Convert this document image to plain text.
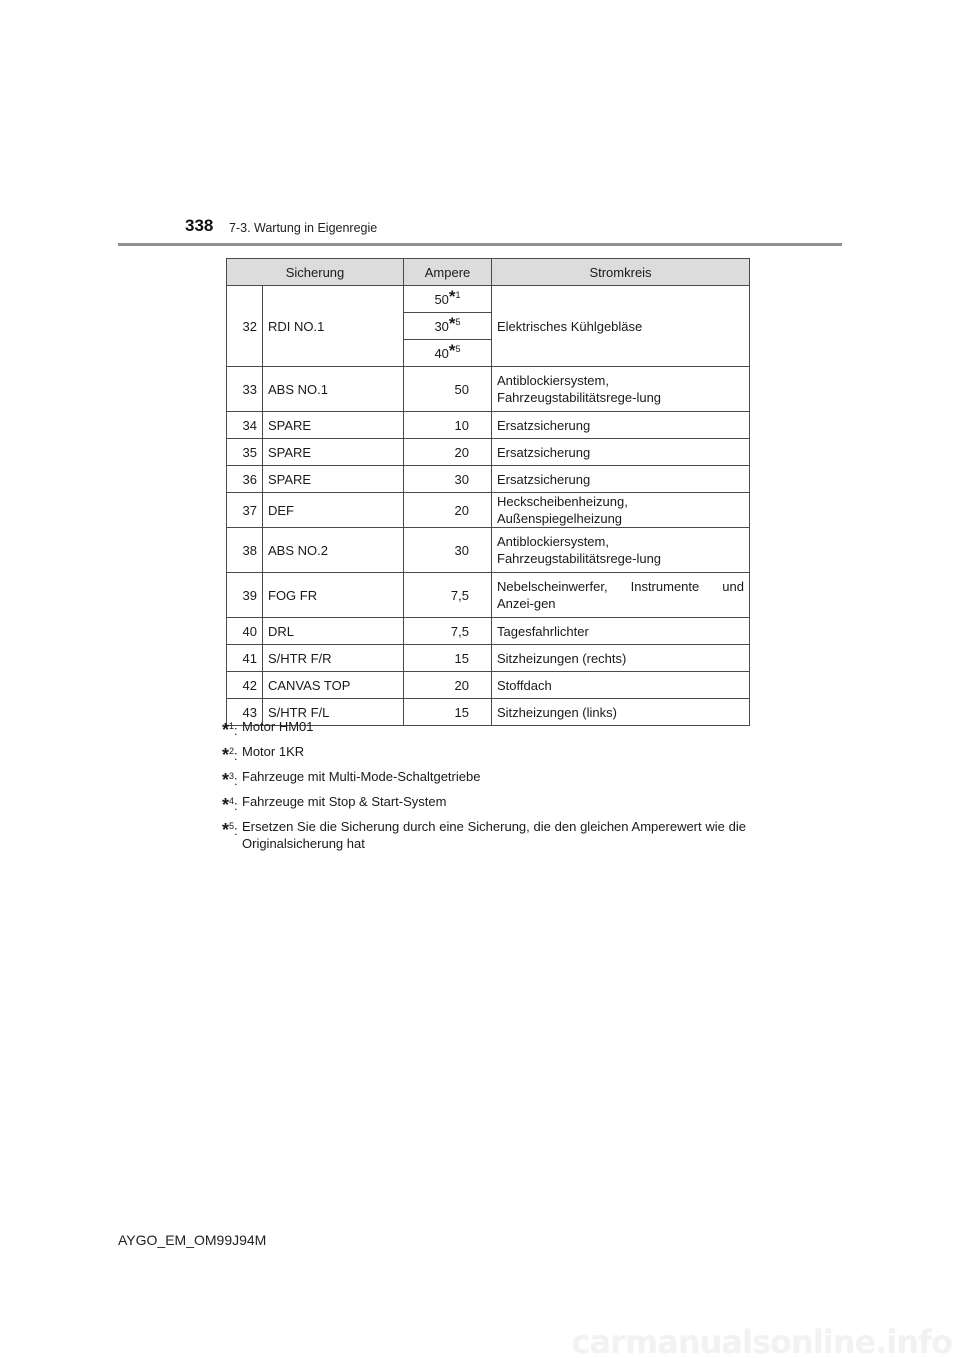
338 7-3. Wartung in Eigenregie
Sicherung		Ampere	Stromkreis
32	RDI NO.1	50$^{*1}$	Elektrisches Kühlgebläse
		30$^{*5}$
		40$^{*5}$
33	ABS NO.1	50	Antiblockiersystem, Fahrzeugstabilitätsrege-lung
34	SPARE	10	Ersatzsicherung
35	SPARE	20	Ersatzsicherung
36	SPARE	30	Ersatzsicherung
37	DEF	20	Heckscheibenheizung, Außenspiegelheizung
38	ABS NO.2	30	Antiblockiersystem, Fahrzeugstabilitätsrege-lung
39	FOG FR	7,5	Nebelscheinwerfer, Instrumente und Anzei-gen
40	DRL	7,5	Tagesfahrlichter
41	S/HTR F/R	15	Sitzheizungen (rechts)
42	CANVAS TOP	20	Stoffdach
43	S/HTR F/L	15	Sitzheizungen (links)
*$^1$: Motor HM01
*$^2$: Motor 1KR
*$^3$: Fahrzeuge mit Multi-Mode-Schaltgetriebe
*$^4$: Fahrzeuge mit Stop & Start-System
*$^5$: Ersetzen Sie die Sicherung durch eine Sicherung, die den gleichen Amperewert wie die Originalsicherung hat
AYGO_EM_OM99J94M
carmanualsonline.info
